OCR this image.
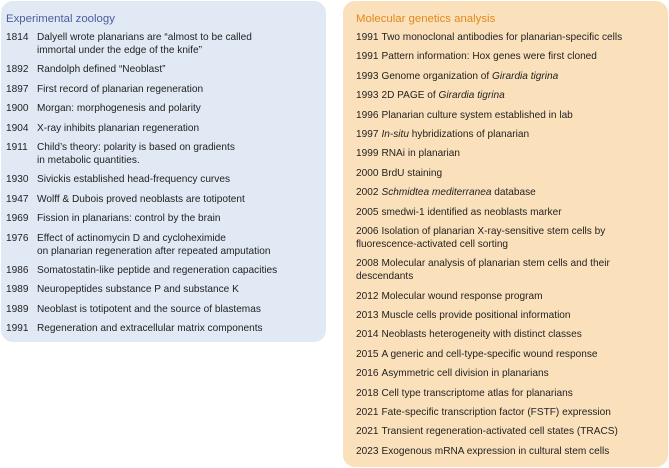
Experimental zoology
1814 Dalyell wrote planarians are “almost to be called
immortal under the edge of the knife”
1892 Randolph defined “Neoblast”
1897 First record of planarian regeneration
1900 Morgan: morphogenesis and polarity
1904 X-ray inhibits planarian regeneration
1911 Child’s theory: polarity is based on gradients
in metabolic quantities.
1930 Sivickis established head-frequency curves
1947 Wolff & Dubois proved neoblasts are totipotent
1969 Fission in planarians: control by the brain
1976 Effect of actinomycin D and cycloheximide
on planarian regeneration after repeated amputation
1986 Somatostatin-like peptide and regeneration capacities
1989 Neuropeptides substance P and substance K
1989 Neoblast is totipotent and the source of blastemas
1991 Regeneration and extracellular matrix components
Molecular genetics analysis
1991 Two monoclonal antibodies for planarian-specific cells
1991 Pattern information: Hox genes were first cloned
1993 Genome organization of Girardia tigrina
1993 2D PAGE of Girardia tigrina
1996 Planarian culture system established in lab
1997 In-situ hybridizations of planarian
1999 RNAi in planarian
2000 BrdU staining
2002 Schmidtea mediterranea database
2005 smedwi-1 identified as neoblasts marker
2006 Isolation of planarian X-ray-sensitive stem cells by fluorescence-activated cell sorting
2008 Molecular analysis of planarian stem cells and their descendants
2012 Molecular wound response program
2013 Muscle cells provide positional information
2014 Neoblasts heterogeneity with distinct classes
2015 A generic and cell-type-specific wound response
2016 Asymmetric cell division in planarians
2018 Cell type transcriptome atlas for planarians
2021 Fate-specific transcription factor (FSTF) expression
2021 Transient regeneration-activated cell states (TRACS)
2023 Exogenous mRNA expression in cultural stem cells
